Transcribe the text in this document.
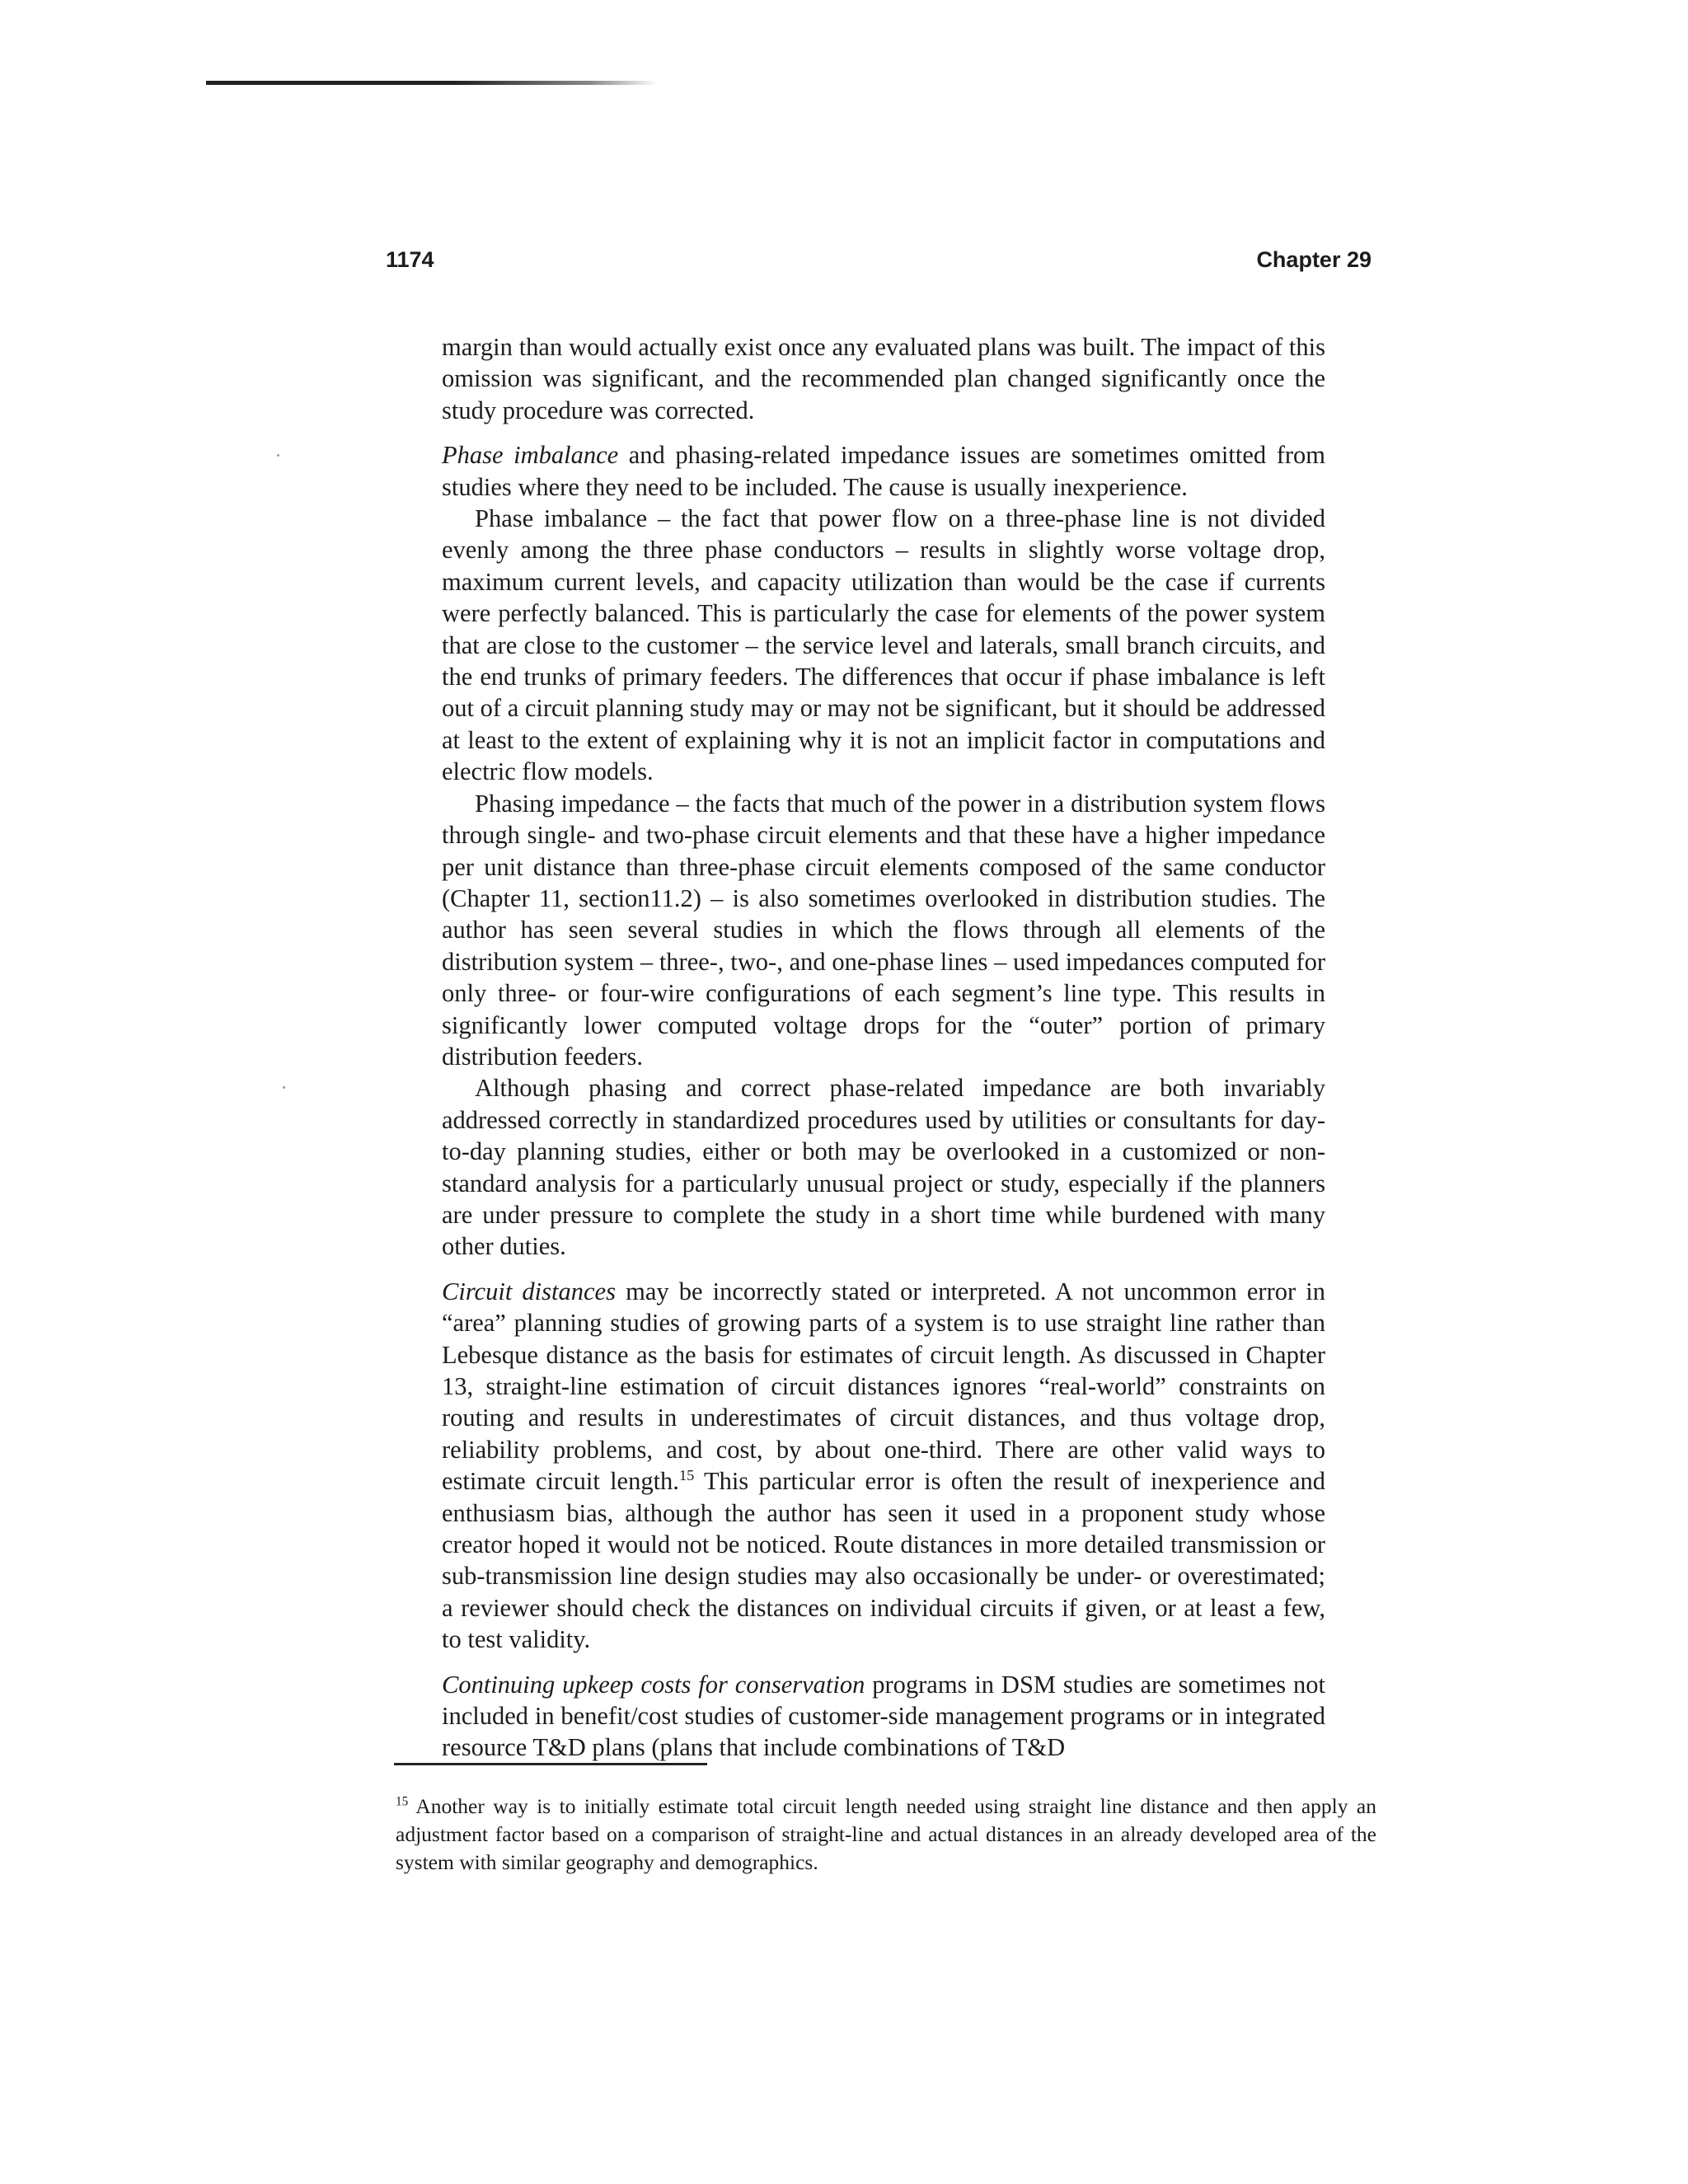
1174	Chapter 29

margin than would actually exist once any evaluated plans was built. The impact of this omission was significant, and the recommended plan changed significantly once the study procedure was corrected.

Phase imbalance and phasing-related impedance issues are sometimes omitted from studies where they need to be included. The cause is usually inexperience.

Phase imbalance – the fact that power flow on a three-phase line is not divided evenly among the three phase conductors – results in slightly worse voltage drop, maximum current levels, and capacity utilization than would be the case if currents were perfectly balanced. This is particularly the case for elements of the power system that are close to the customer – the service level and laterals, small branch circuits, and the end trunks of primary feeders. The differences that occur if phase imbalance is left out of a circuit planning study may or may not be significant, but it should be addressed at least to the extent of explaining why it is not an implicit factor in computations and electric flow models.

Phasing impedance – the facts that much of the power in a distribution system flows through single- and two-phase circuit elements and that these have a higher impedance per unit distance than three-phase circuit elements composed of the same conductor (Chapter 11, section11.2) – is also sometimes overlooked in distribution studies. The author has seen several studies in which the flows through all elements of the distribution system – three-, two-, and one-phase lines – used impedances computed for only three- or four-wire configurations of each segment’s line type. This results in significantly lower computed voltage drops for the “outer” portion of primary distribution feeders.

Although phasing and correct phase-related impedance are both invariably addressed correctly in standardized procedures used by utilities or consultants for day-to-day planning studies, either or both may be overlooked in a customized or non-standard analysis for a particularly unusual project or study, especially if the planners are under pressure to complete the study in a short time while burdened with many other duties.

Circuit distances may be incorrectly stated or interpreted. A not uncommon error in “area” planning studies of growing parts of a system is to use straight line rather than Lebesque distance as the basis for estimates of circuit length. As discussed in Chapter 13, straight-line estimation of circuit distances ignores “real-world” constraints on routing and results in underestimates of circuit distances, and thus voltage drop, reliability problems, and cost, by about one-third. There are other valid ways to estimate circuit length.$^{15}$ This particular error is often the result of inexperience and enthusiasm bias, although the author has seen it used in a proponent study whose creator hoped it would not be noticed. Route distances in more detailed transmission or sub-transmission line design studies may also occasionally be under- or overestimated; a reviewer should check the distances on individual circuits if given, or at least a few, to test validity.

Continuing upkeep costs for conservation programs in DSM studies are sometimes not included in benefit/cost studies of customer-side management programs or in integrated resource T&D plans (plans that include combinations of T&D

$^{15}$ Another way is to initially estimate total circuit length needed using straight line distance and then apply an adjustment factor based on a comparison of straight-line and actual distances in an already developed area of the system with similar geography and demographics.
